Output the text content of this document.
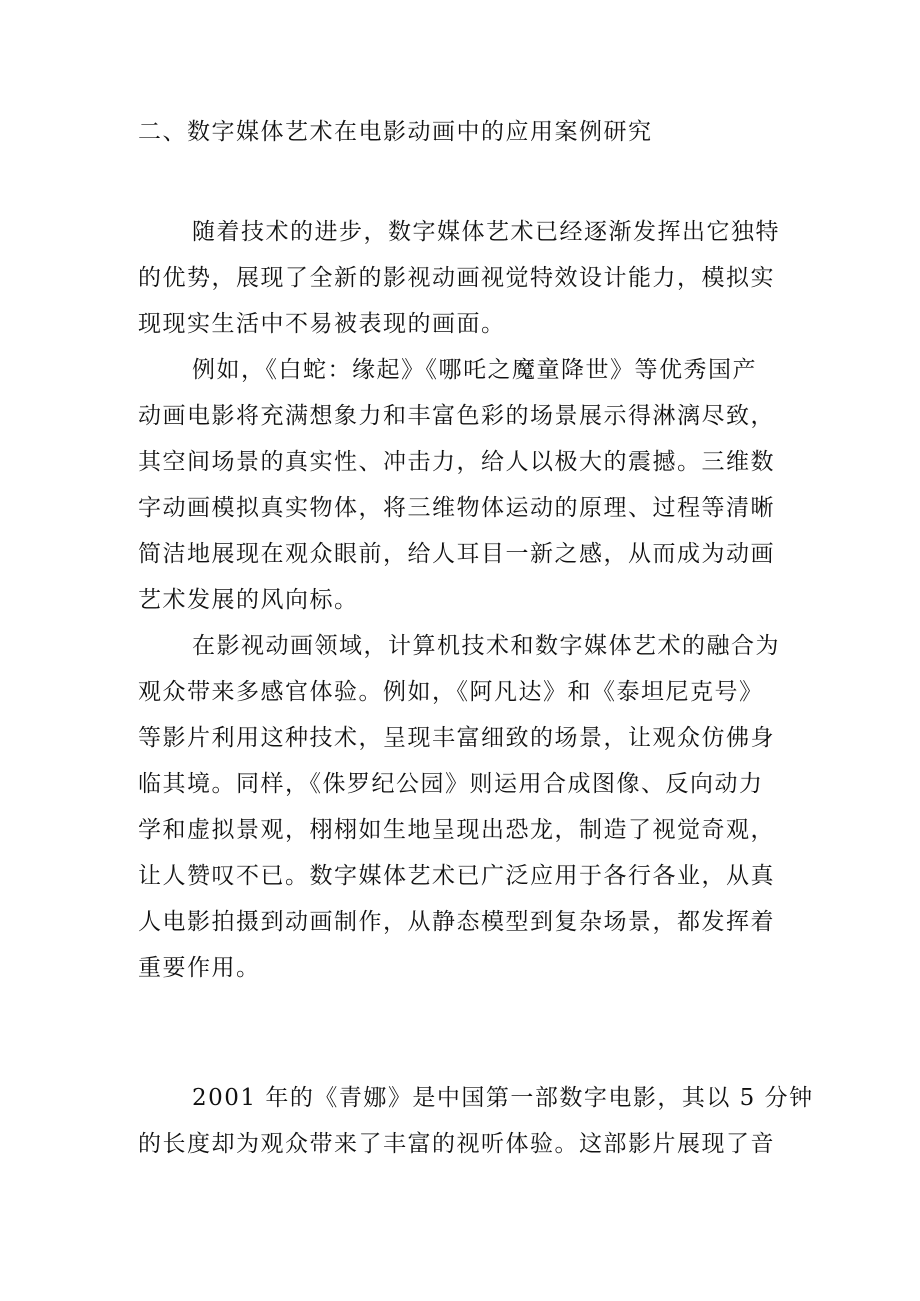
二、数字媒体艺术在电影动画中的应用案例研究
随着技术的进步，数字媒体艺术已经逐渐发挥出它独特
的优势，展现了全新的影视动画视觉特效设计能力，模拟实
现现实生活中不易被表现的画面。
例如，《白蛇：缘起》《哪吒之魔童降世》等优秀国产
动画电影将充满想象力和丰富色彩的场景展示得淋漓尽致，
其空间场景的真实性、冲击力，给人以极大的震撼。三维数
字动画模拟真实物体，将三维物体运动的原理、过程等清晰
简洁地展现在观众眼前，给人耳目一新之感，从而成为动画
艺术发展的风向标。
在影视动画领域，计算机技术和数字媒体艺术的融合为
观众带来多感官体验。例如，《阿凡达》和《泰坦尼克号》
等影片利用这种技术，呈现丰富细致的场景，让观众仿佛身
临其境。同样，《侏罗纪公园》则运用合成图像、反向动力
学和虚拟景观，栩栩如生地呈现出恐龙，制造了视觉奇观，
让人赞叹不已。数字媒体艺术已广泛应用于各行各业，从真
人电影拍摄到动画制作，从静态模型到复杂场景，都发挥着
重要作用。
2001 年的《青娜》是中国第一部数字电影，其以 5 分钟
的长度却为观众带来了丰富的视听体验。这部影片展现了音
